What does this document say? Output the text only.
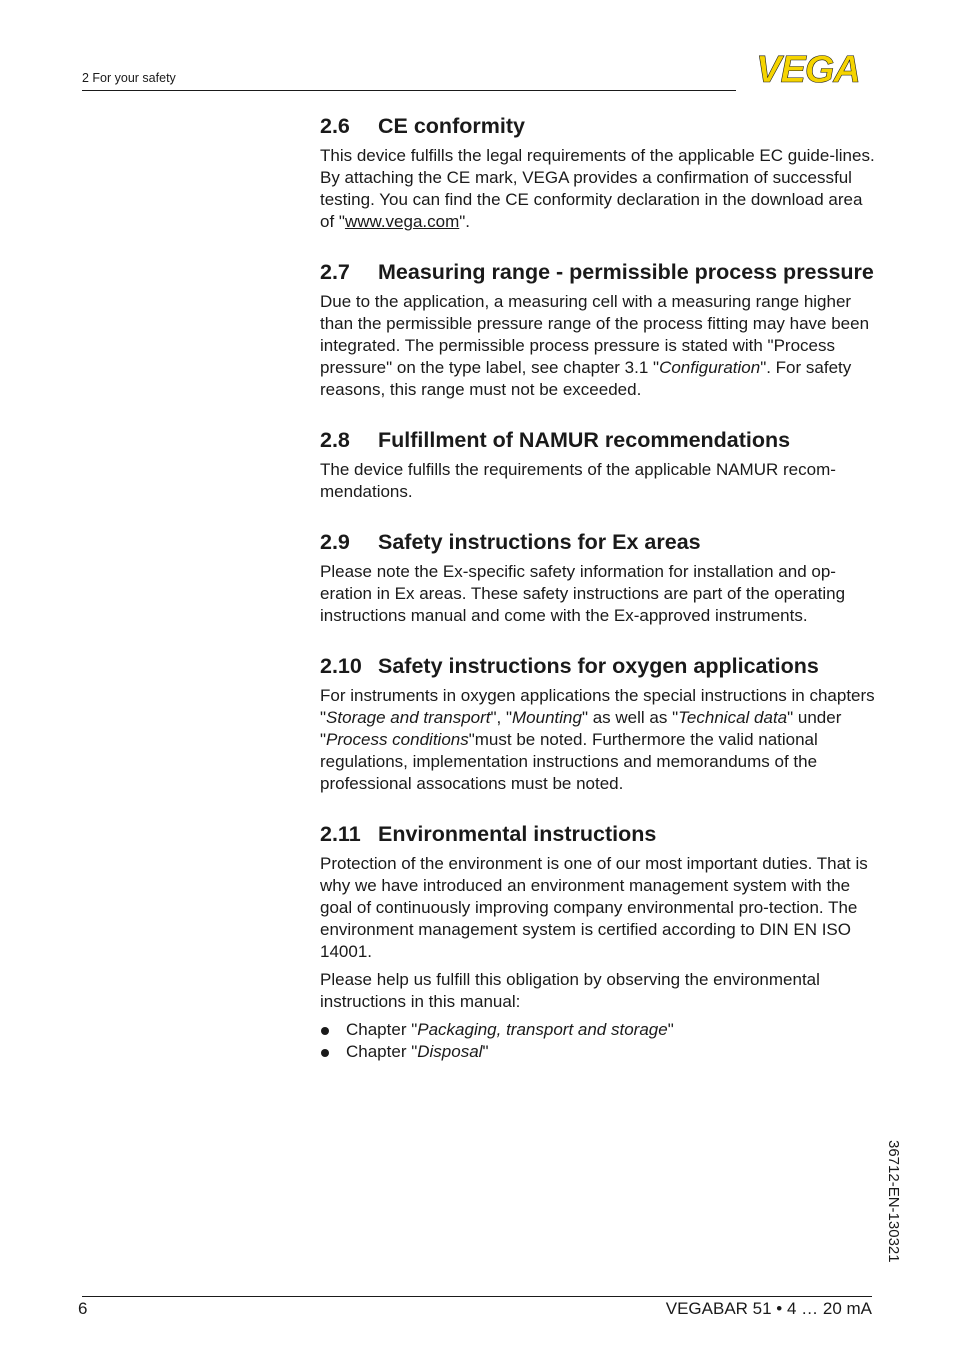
2 For your safety	VEGA
2.6	CE conformity

This device fulfills the legal requirements of the applicable EC guide-lines. By attaching the CE mark, VEGA provides a confirmation of successful testing. You can find the CE conformity declaration in the download area of "www.vega.com".

2.7	Measuring range - permissible process pressure

Due to the application, a measuring cell with a measuring range higher than the permissible pressure range of the process fitting may have been integrated. The permissible process pressure is stated with "Process pressure" on the type label, see chapter 3.1 "Configuration". For safety reasons, this range must not be exceeded.

2.8	Fulfillment of NAMUR recommendations

The device fulfills the requirements of the applicable NAMUR recom-mendations.

2.9	Safety instructions for Ex areas

Please note the Ex-specific safety information for installation and op-eration in Ex areas. These safety instructions are part of the operating instructions manual and come with the Ex-approved instruments.

2.10 Safety instructions for oxygen applications

For instruments in oxygen applications the special instructions in chapters "Storage and transport", "Mounting" as well as "Technical data" under "Process conditions"must be noted. Furthermore the valid national regulations, implementation instructions and memorandums of the professional assocations must be noted.

2.11 Environmental instructions

Protection of the environment is one of our most important duties. That is why we have introduced an environment management system with the goal of continuously improving company environmental pro-tection. The environment management system is certified according to DIN EN ISO 14001.

Please help us fulfill this obligation by observing the environmental instructions in this manual:

Chapter "Packaging, transport and storage"
Chapter "Disposal"
36712-EN-130321
6	VEGABAR 51 • 4 … 20 mA
